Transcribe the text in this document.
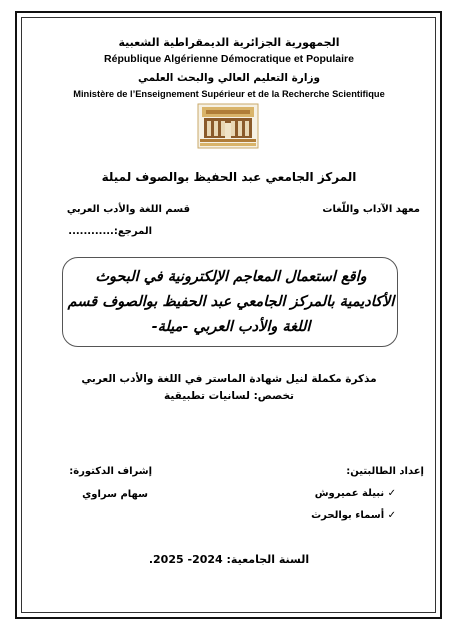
الجمهورية الجزائرية الديمقراطية الشعبية
République Algérienne Démocratique et Populaire
وزارة التعليم العالي والبحث العلمي
Ministère de l’Enseignement Supérieur et de la Recherche Scientifique
المركز الجامعي عبد الحفيظ بوالصوف لميلة
معهد الآداب واللّغات
قسم اللغة والأدب العربي
المرجع:............
واقع استعمال المعاجم الإلكترونية في البحوث
الأكاديمية بالمركز الجامعي عبد الحفيظ بوالصوف قسم
اللغة والأدب العربي -ميلة-
مذكرة مكملة لنيل شهادة الماستر في اللغة والأدب العربي
تخصص: لسانيات تطبيقية
إعداد الطالبتين:
✓ نبيلة عميروش
✓ أسماء بوالحرث
إشراف الدكتورة:
سهام سراوي
السنة الجامعية: 2024- 2025.
